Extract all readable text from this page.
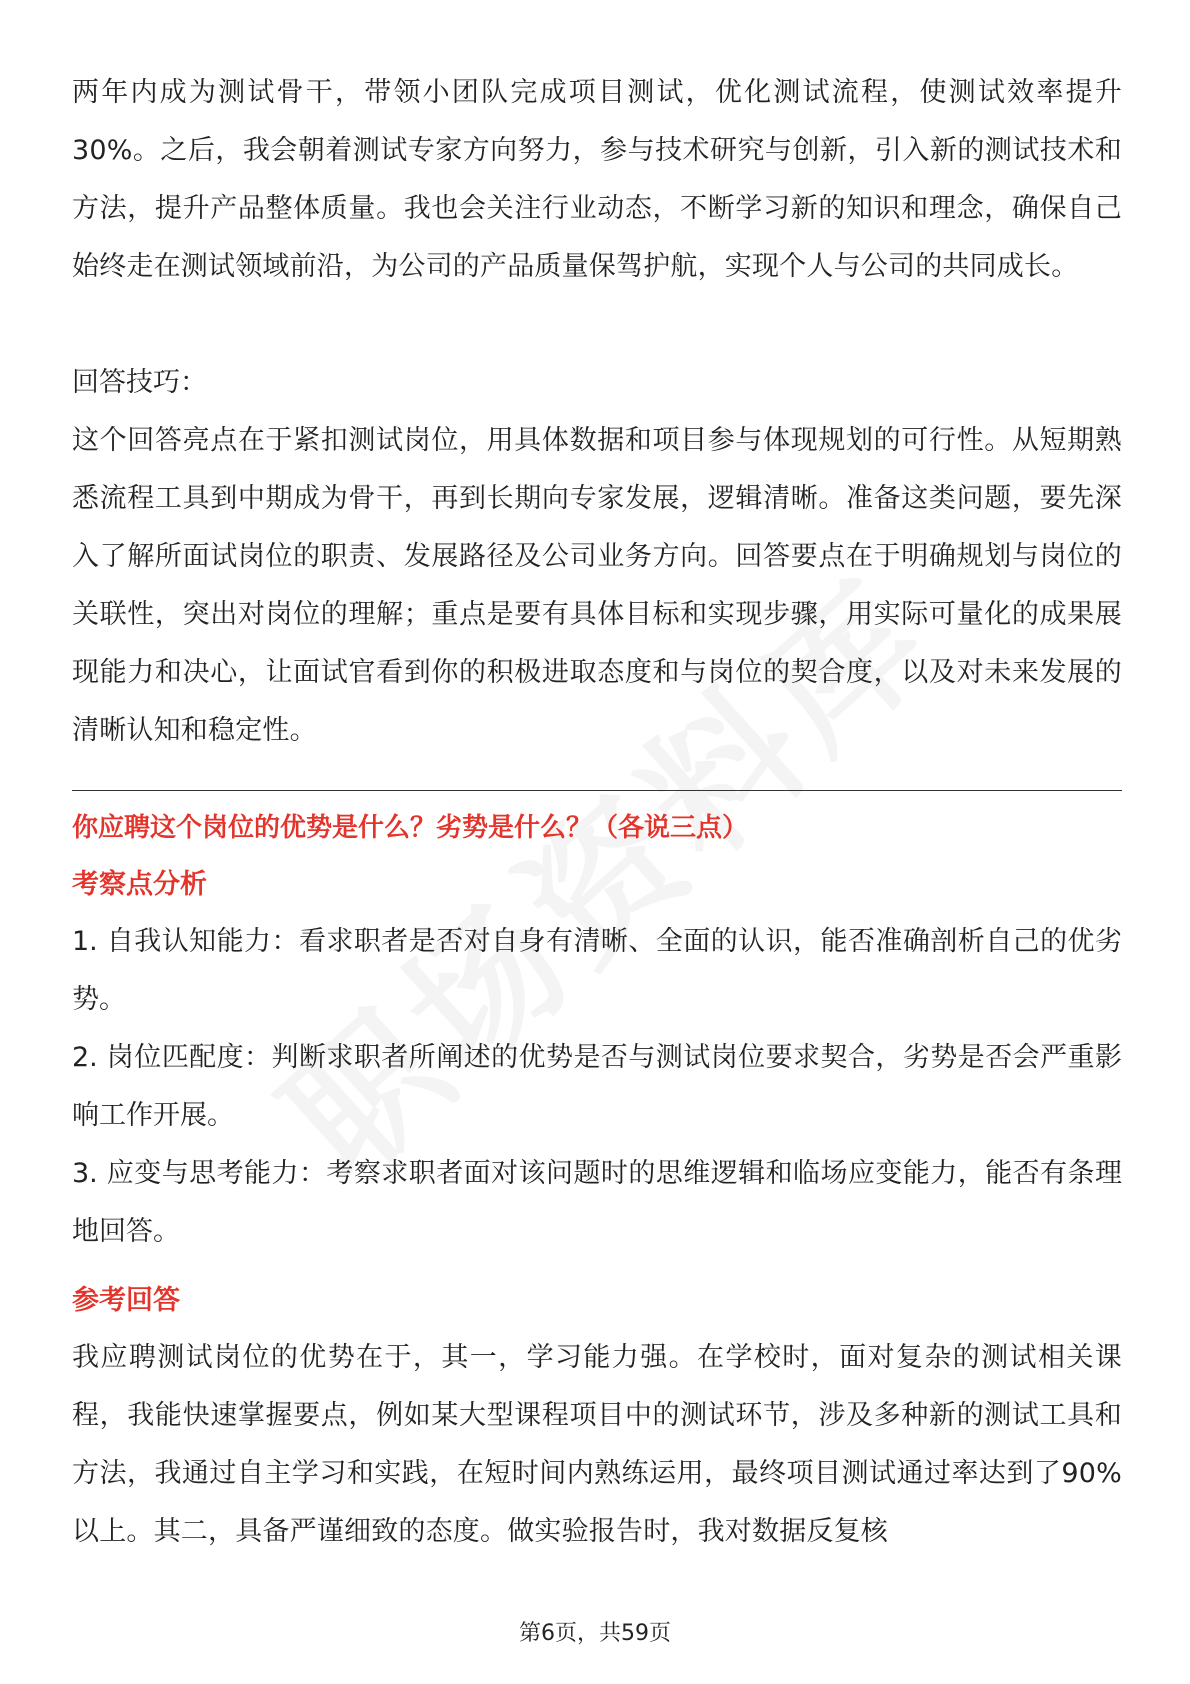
两年内成为测试骨干，带领小团队完成项目测试，优化测试流程，使测试效率提升30%。之后，我会朝着测试专家方向努力，参与技术研究与创新，引入新的测试技术和方法，提升产品整体质量。我也会关注行业动态，不断学习新的知识和理念，确保自己始终走在测试领域前沿，为公司的产品质量保驾护航，实现个人与公司的共同成长。

回答技巧：

这个回答亮点在于紧扣测试岗位，用具体数据和项目参与体现规划的可行性。从短期熟悉流程工具到中期成为骨干，再到长期向专家发展，逻辑清晰。准备这类问题，要先深入了解所面试岗位的职责、发展路径及公司业务方向。回答要点在于明确规划与岗位的关联性，突出对岗位的理解；重点是要有具体目标和实现步骤，用实际可量化的成果展现能力和决心，让面试官看到你的积极进取态度和与岗位的契合度，以及对未来发展的清晰认知和稳定性。

你应聘这个岗位的优势是什么？劣势是什么？（各说三点）

考察点分析

1. 自我认知能力：看求职者是否对自身有清晰、全面的认识，能否准确剖析自己的优劣势。

2. 岗位匹配度：判断求职者所阐述的优势是否与测试岗位要求契合，劣势是否会严重影响工作开展。

3. 应变与思考能力：考察求职者面对该问题时的思维逻辑和临场应变能力，能否有条理地回答。

参考回答

我应聘测试岗位的优势在于，其一，学习能力强。在学校时，面对复杂的测试相关课程，我能快速掌握要点，例如某大型课程项目中的测试环节，涉及多种新的测试工具和方法，我通过自主学习和实践，在短时间内熟练运用，最终项目测试通过率达到了90%以上。其二，具备严谨细致的态度。做实验报告时，我对数据反复核

第6页，共59页
